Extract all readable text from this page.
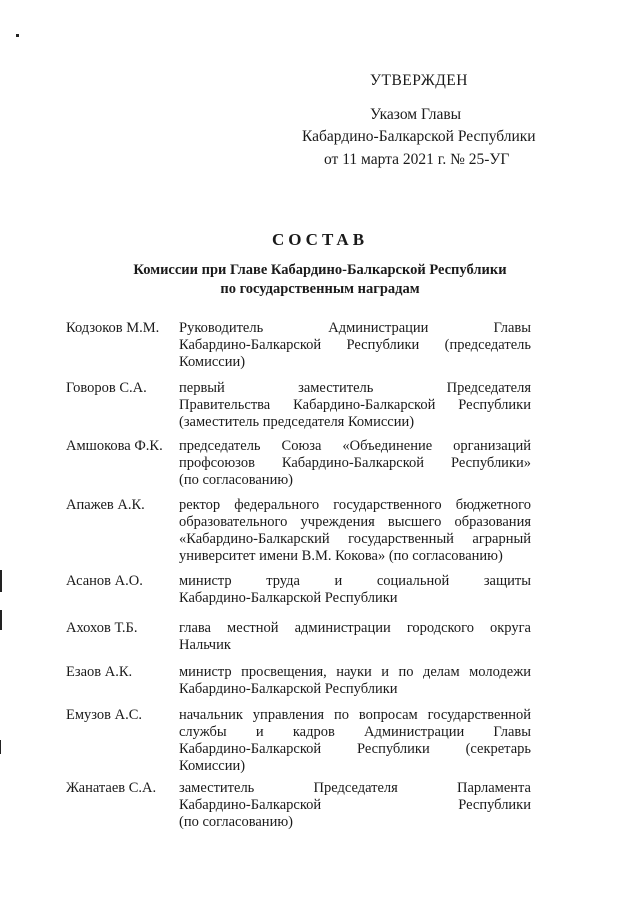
УТВЕРЖДЕН
Указом Главы
Кабардино-Балкарской Республики
от 11 марта 2021 г. № 25-УГ
СОСТАВ
Комиссии при Главе Кабардино-Балкарской Республики
по государственным наградам
Кодзоков М.М. Руководитель Администрации Главы
Кабардино-Балкарской Республики (председатель
Комиссии)
Говоров С.А. первый заместитель Председателя
Правительства Кабардино-Балкарской Республики
(заместитель председателя Комиссии)
Амшокова Ф.К. председатель Союза «Объединение организаций
профсоюзов Кабардино-Балкарской Республики»
(по согласованию)
Апажев А.К. ректор федерального государственного бюджетного
образовательного учреждения высшего образования
«Кабардино-Балкарский государственный аграрный
университет имени В.М. Кокова» (по согласованию)
Асанов А.О. министр труда и социальной защиты
Кабардино-Балкарской Республики
Ахохов Т.Б.	глава местной администрации городского округа
Нальчик
Езаов А.К.	министр просвещения, науки и по делам молодежи
Кабардино-Балкарской Республики
Емузов А.С.	начальник управления по вопросам государственной
службы и кадров Администрации Главы
Кабардино-Балкарской Республики (секретарь
Комиссии)
Жанатаев С.А. заместитель Председателя Парламента
Кабардино-Балкарской Республики
(по согласованию)
